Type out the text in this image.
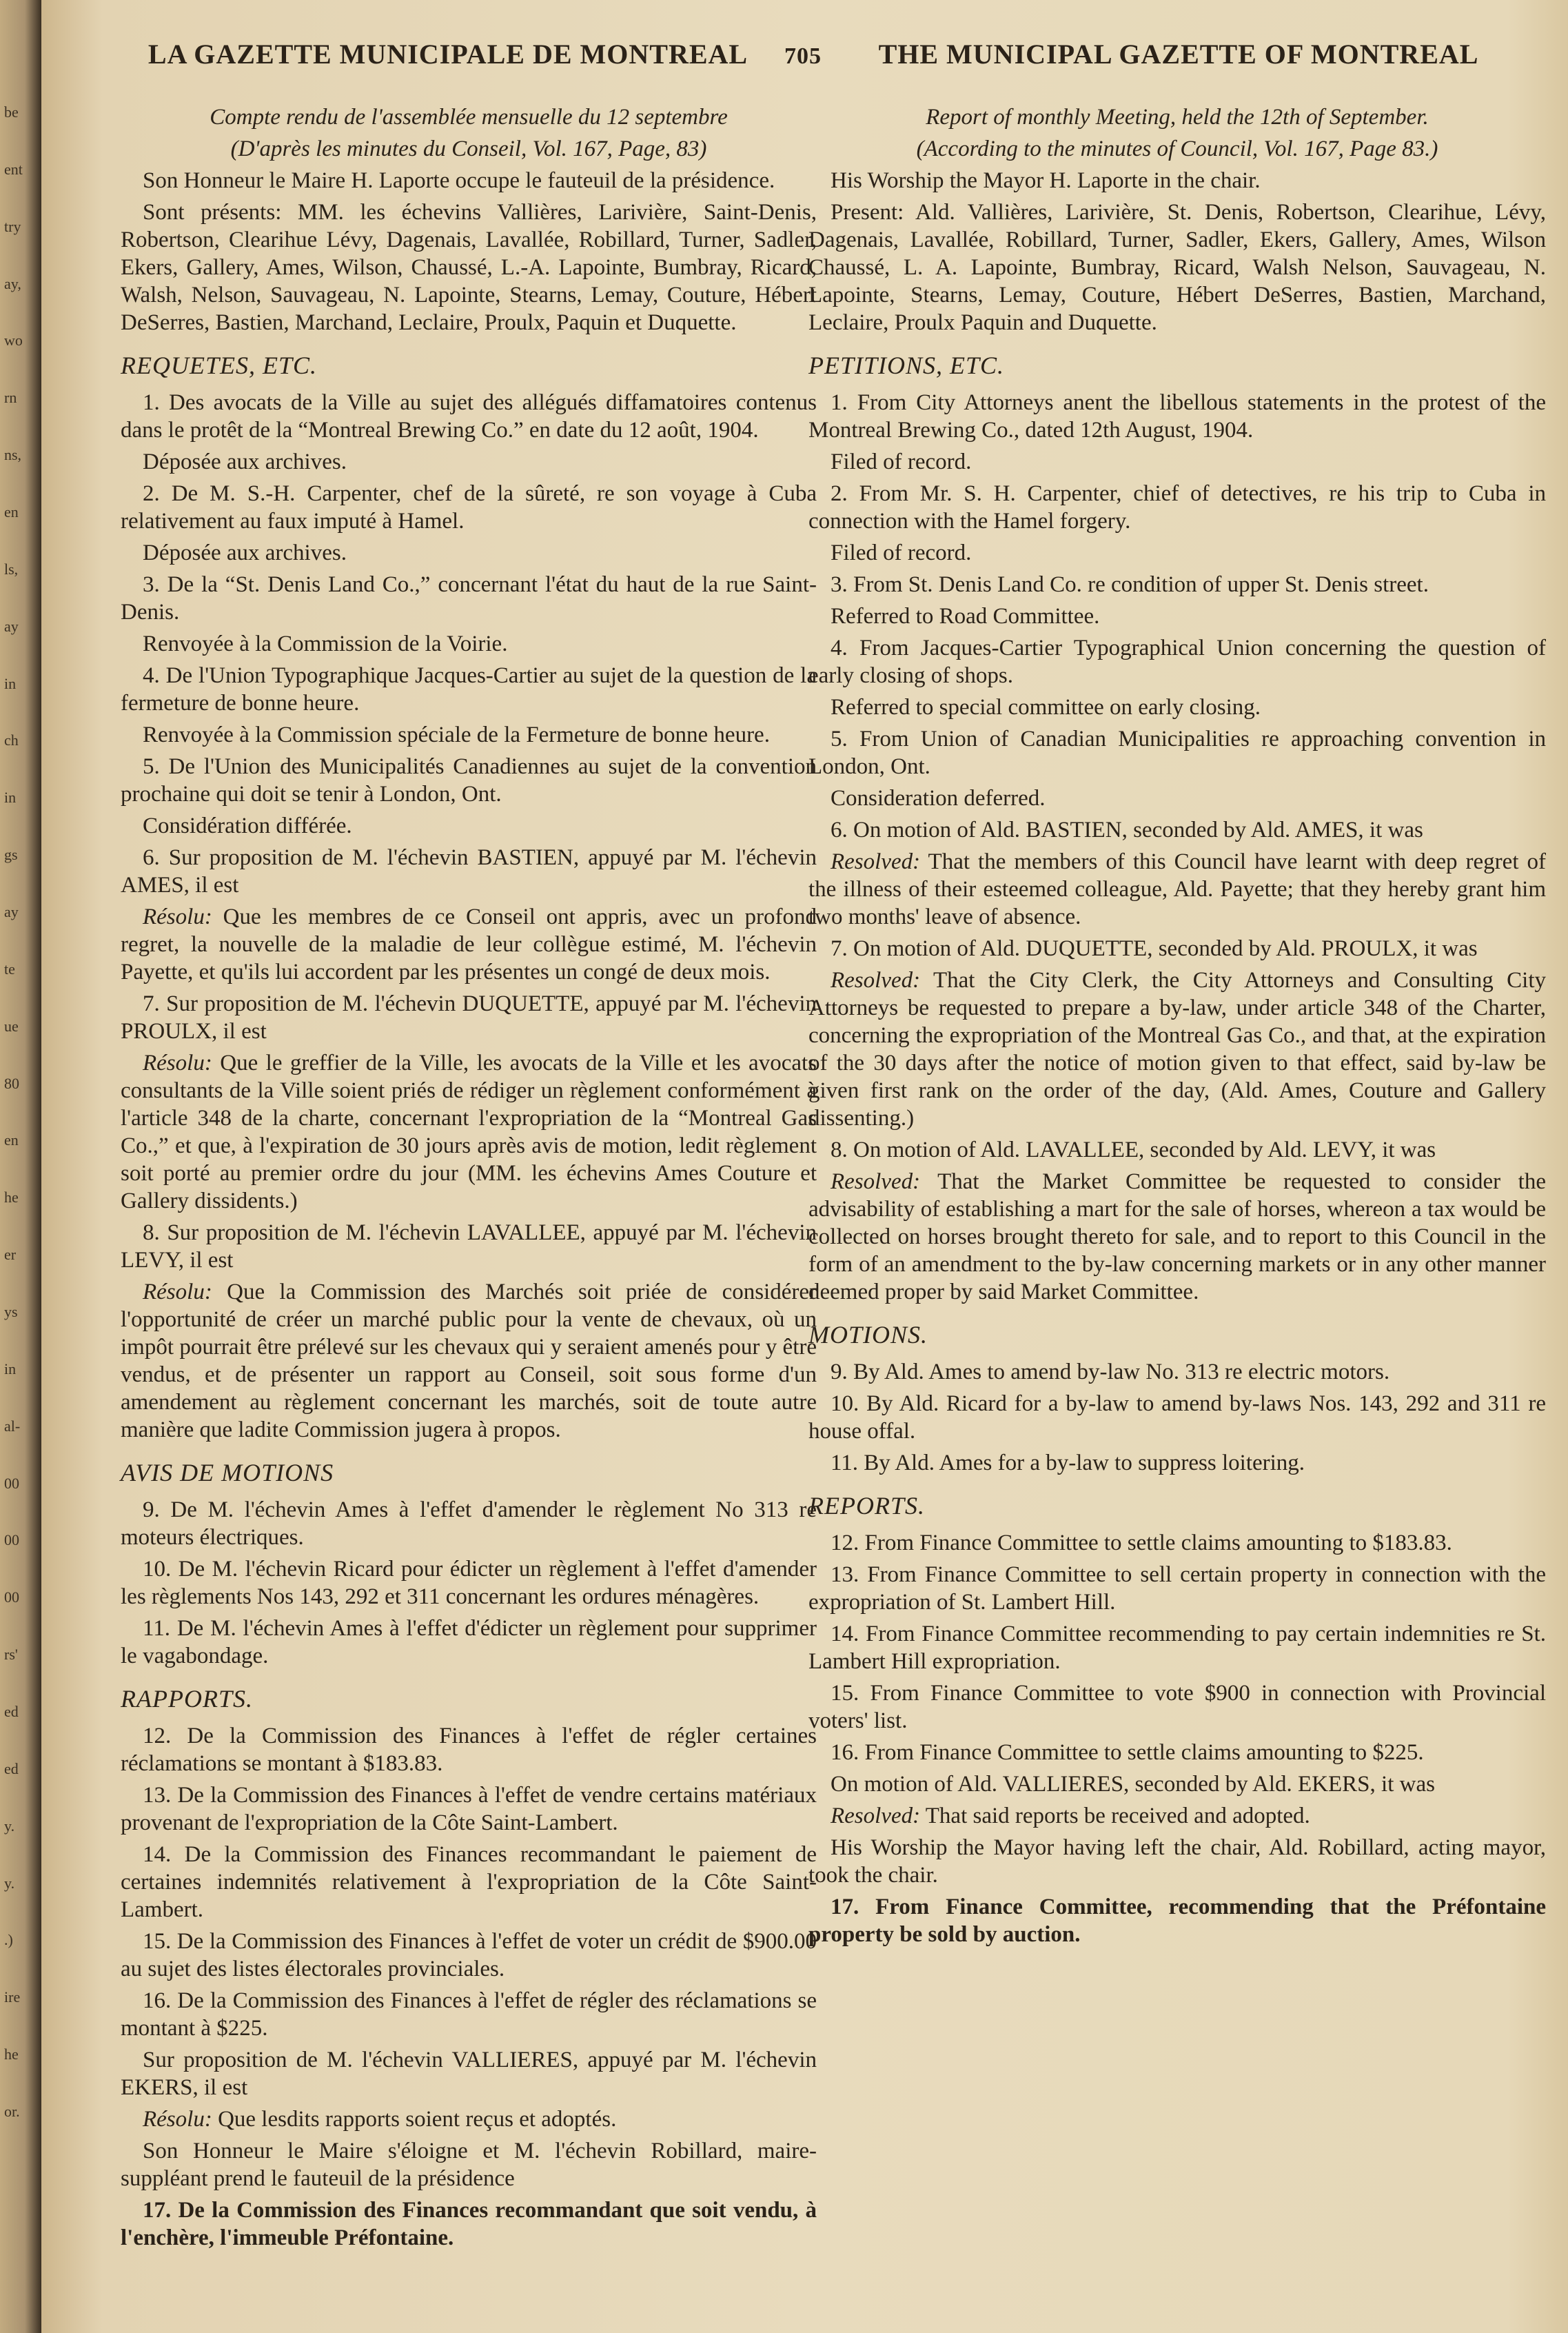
be
ent
try
ay,
wo
rn
ns,
en
ls,
ay
in
ch
in
gs
ay
te
ue
80
en
he
er
ys
in
al-
00
00
00
rs'
ed
ed
y.
y.
.)
ire
he
or.
LA GAZETTE MUNICIPALE DE MONTREAL	705	THE MUNICIPAL GAZETTE OF MONTREAL

Compte rendu de l'assemblée mensuelle du 12 septembre

(D'après les minutes du Conseil, Vol. 167, Page, 83)

Son Honneur le Maire H. Laporte occupe le fauteuil de la présidence.

Sont présents: MM. les échevins Vallières, Larivière, Saint-Denis, Robertson, Clearihue Lévy, Dagenais, Lavallée, Robillard, Turner, Sadler, Ekers, Gallery, Ames, Wilson, Chaussé, L.-A. Lapointe, Bumbray, Ricard, Walsh, Nelson, Sauvageau, N. Lapointe, Stearns, Lemay, Couture, Hébert DeSerres, Bastien, Marchand, Leclaire, Proulx, Paquin et Duquette.

REQUETES, ETC.

1. Des avocats de la Ville au sujet des allégués diffamatoires contenus dans le protêt de la “Montreal Brewing Co.” en date du 12 août, 1904.

Déposée aux archives.

2. De M. S.-H. Carpenter, chef de la sûreté, re son voyage à Cuba relativement au faux imputé à Hamel.

Déposée aux archives.

3. De la “St. Denis Land Co.,” concernant l'état du haut de la rue Saint-Denis.

Renvoyée à la Commission de la Voirie.

4. De l'Union Typographique Jacques-Cartier au sujet de la question de la fermeture de bonne heure.

Renvoyée à la Commission spéciale de la Fermeture de bonne heure.

5. De l'Union des Municipalités Canadiennes au sujet de la convention prochaine qui doit se tenir à London, Ont.

Considération différée.

6. Sur proposition de M. l'échevin BASTIEN, appuyé par M. l'échevin AMES, il est

Résolu: Que les membres de ce Conseil ont appris, avec un profond regret, la nouvelle de la maladie de leur collègue estimé, M. l'échevin Payette, et qu'ils lui accordent par les présentes un congé de deux mois.

7. Sur proposition de M. l'échevin DUQUETTE, appuyé par M. l'échevin PROULX, il est

Résolu: Que le greffier de la Ville, les avocats de la Ville et les avocats consultants de la Ville soient priés de rédiger un règlement conformément à l'article 348 de la charte, concernant l'expropriation de la “Montreal Gas Co.,” et que, à l'expiration de 30 jours après avis de motion, ledit règlement soit porté au premier ordre du jour (MM. les échevins Ames Couture et Gallery dissidents.)

8. Sur proposition de M. l'échevin LAVALLEE, appuyé par M. l'échevin LEVY, il est

Résolu: Que la Commission des Marchés soit priée de considérer l'opportunité de créer un marché public pour la vente de chevaux, où un impôt pourrait être prélevé sur les chevaux qui y seraient amenés pour y être vendus, et de présenter un rapport au Conseil, soit sous forme d'un amendement au règlement concernant les marchés, soit de toute autre manière que ladite Commission jugera à propos.

AVIS DE MOTIONS

9. De M. l'échevin Ames à l'effet d'amender le règlement No 313 re moteurs électriques.

10. De M. l'échevin Ricard pour édicter un règlement à l'effet d'amender les règlements Nos 143, 292 et 311 concernant les ordures ménagères.

11. De M. l'échevin Ames à l'effet d'édicter un règlement pour supprimer le vagabondage.

RAPPORTS.

12. De la Commission des Finances à l'effet de régler certaines réclamations se montant à $183.83.

13. De la Commission des Finances à l'effet de vendre certains matériaux provenant de l'expropriation de la Côte Saint-Lambert.

14. De la Commission des Finances recommandant le paiement de certaines indemnités relativement à l'expropriation de la Côte Saint-Lambert.

15. De la Commission des Finances à l'effet de voter un crédit de $900.00 au sujet des listes électorales provinciales.

16. De la Commission des Finances à l'effet de régler des réclamations se montant à $225.

Sur proposition de M. l'échevin VALLIERES, appuyé par M. l'échevin EKERS, il est

Résolu: Que lesdits rapports soient reçus et adoptés.

Son Honneur le Maire s'éloigne et M. l'échevin Robillard, maire-suppléant prend le fauteuil de la présidence

17. De la Commission des Finances recommandant que soit vendu, à l'enchère, l'immeuble Préfontaine.

Report of monthly Meeting, held the 12th of September.

(According to the minutes of Council, Vol. 167, Page 83.)

His Worship the Mayor H. Laporte in the chair.

Present: Ald. Vallières, Larivière, St. Denis, Robertson, Clearihue, Lévy, Dagenais, Lavallée, Robillard, Turner, Sadler, Ekers, Gallery, Ames, Wilson Chaussé, L. A. Lapointe, Bumbray, Ricard, Walsh Nelson, Sauvageau, N. Lapointe, Stearns, Lemay, Couture, Hébert DeSerres, Bastien, Marchand, Leclaire, Proulx Paquin and Duquette.

PETITIONS, ETC.

1. From City Attorneys anent the libellous statements in the protest of the Montreal Brewing Co., dated 12th August, 1904.

Filed of record.

2. From Mr. S. H. Carpenter, chief of detectives, re his trip to Cuba in connection with the Hamel forgery.

Filed of record.

3. From St. Denis Land Co. re condition of upper St. Denis street.

Referred to Road Committee.

4. From Jacques-Cartier Typographical Union concerning the question of early closing of shops.

Referred to special committee on early closing.

5. From Union of Canadian Municipalities re approaching convention in London, Ont.

Consideration deferred.

6. On motion of Ald. BASTIEN, seconded by Ald. AMES, it was

Resolved: That the members of this Council have learnt with deep regret of the illness of their esteemed colleague, Ald. Payette; that they hereby grant him two months' leave of absence.

7. On motion of Ald. DUQUETTE, seconded by Ald. PROULX, it was

Resolved: That the City Clerk, the City Attorneys and Consulting City Attorneys be requested to prepare a by-law, under article 348 of the Charter, concerning the expropriation of the Montreal Gas Co., and that, at the expiration of the 30 days after the notice of motion given to that effect, said by-law be given first rank on the order of the day, (Ald. Ames, Couture and Gallery dissenting.)

8. On motion of Ald. LAVALLEE, seconded by Ald. LEVY, it was

Resolved: That the Market Committee be requested to consider the advisability of establishing a mart for the sale of horses, whereon a tax would be collected on horses brought thereto for sale, and to report to this Council in the form of an amendment to the by-law concerning markets or in any other manner deemed proper by said Market Committee.

MOTIONS.

9. By Ald. Ames to amend by-law No. 313 re electric motors.

10. By Ald. Ricard for a by-law to amend by-laws Nos. 143, 292 and 311 re house offal.

11. By Ald. Ames for a by-law to suppress loitering.

REPORTS.

12. From Finance Committee to settle claims amounting to $183.83.

13. From Finance Committee to sell certain property in connection with the expropriation of St. Lambert Hill.

14. From Finance Committee recommending to pay certain indemnities re St. Lambert Hill expropriation.

15. From Finance Committee to vote $900 in connection with Provincial voters' list.

16. From Finance Committee to settle claims amounting to $225.

On motion of Ald. VALLIERES, seconded by Ald. EKERS, it was

Resolved: That said reports be received and adopted.

His Worship the Mayor having left the chair, Ald. Robillard, acting mayor, took the chair.

17. From Finance Committee, recommending that the Préfontaine property be sold by auction.
